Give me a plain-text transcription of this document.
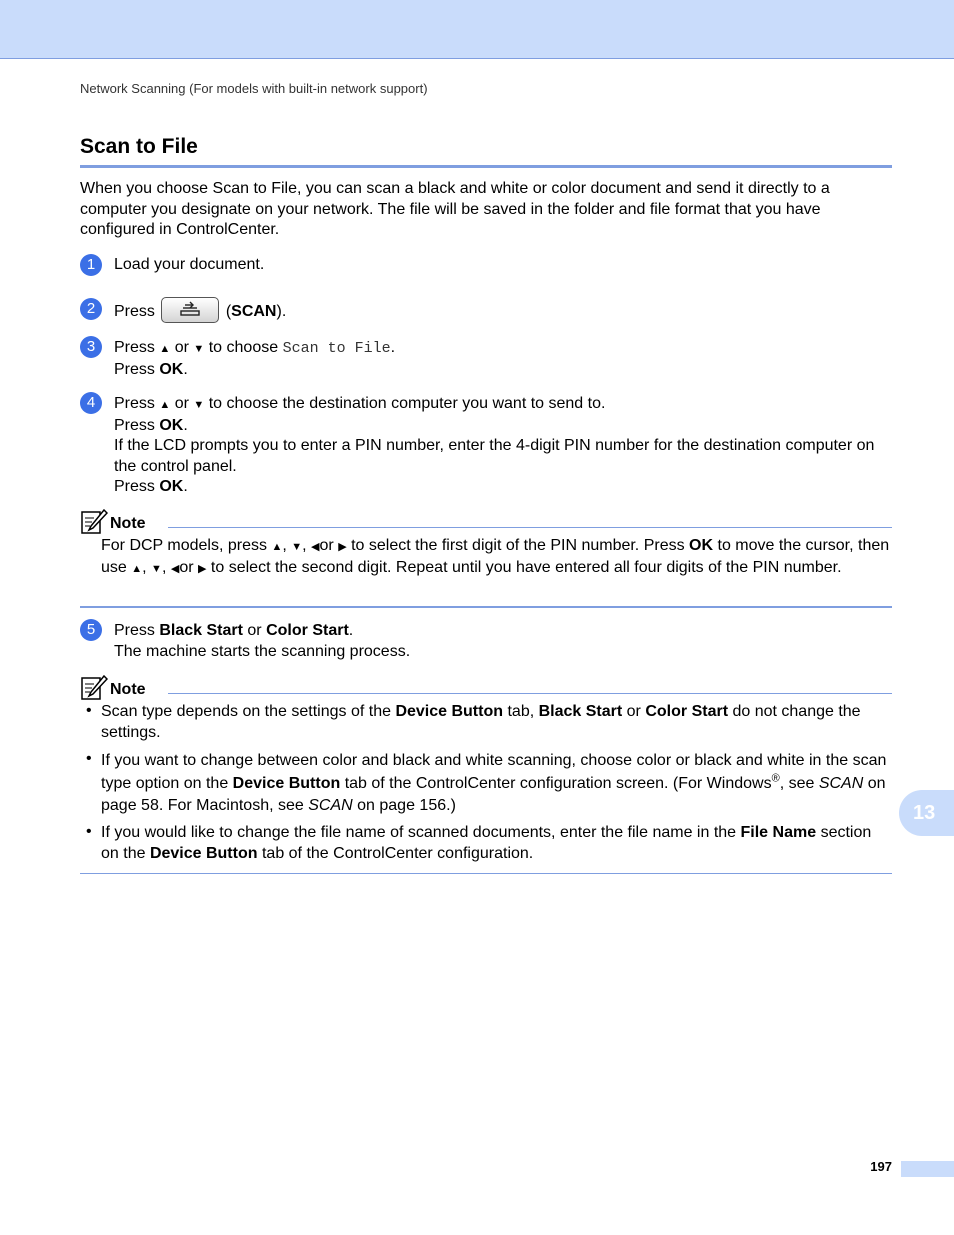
Network Scanning (For models with built-in network support)
Scan to File
When you choose Scan to File, you can scan a black and white or color document and send it directly to a computer you designate on your network. The file will be saved in the folder and file format that you have configured in ControlCenter.
1	Load your document.
2	Press	(SCAN).
3	Press ▲ or ▼ to choose Scan to File.
Press OK.
4	Press ▲ or ▼ to choose the destination computer you want to send to.
Press OK.
If the LCD prompts you to enter a PIN number, enter the 4-digit PIN number for the destination computer on the control panel.
Press OK.
Note
For DCP models, press ▲, ▼, ◀or ▶ to select the first digit of the PIN number. Press OK to move the cursor, then use ▲, ▼, ◀or ▶ to select the second digit. Repeat until you have entered all four digits of the PIN number.
5	Press Black Start or Color Start.
The machine starts the scanning process.
Note
• Scan type depends on the settings of the Device Button tab, Black Start or Color Start do not change the settings.
• If you want to change between color and black and white scanning, choose color or black and white in the scan type option on the Device Button tab of the ControlCenter configuration screen. (For Windows®, see SCAN on page 58. For Macintosh, see SCAN on page 156.)
• If you would like to change the file name of scanned documents, enter the file name in the File Name section on the Device Button tab of the ControlCenter configuration.
13
197
